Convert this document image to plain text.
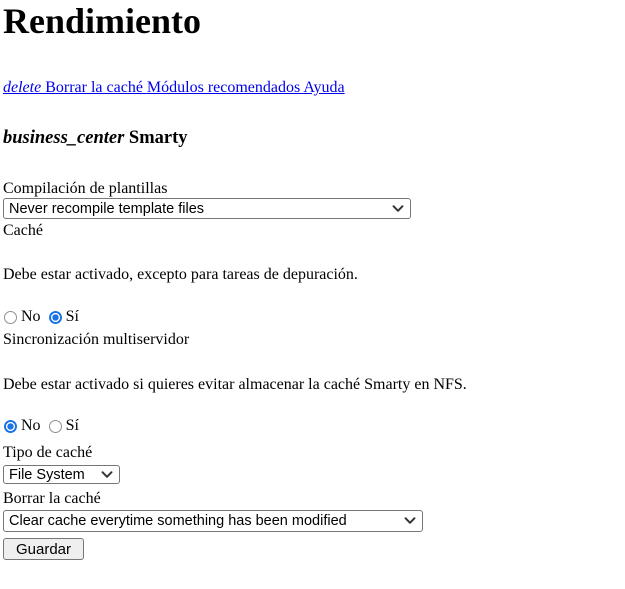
Rendimiento
delete Borrar la caché Módulos recomendados Ayuda
business_center Smarty
Compilación de plantillas
Never recompile template files
Caché
Debe estar activado, excepto para tareas de depuración.
No Sí
Sincronización multiservidor
Debe estar activado si quieres evitar almacenar la caché Smarty en NFS.
No Sí
Tipo de caché
File System
Borrar la caché
Clear cache everytime something has been modified
Guardar
